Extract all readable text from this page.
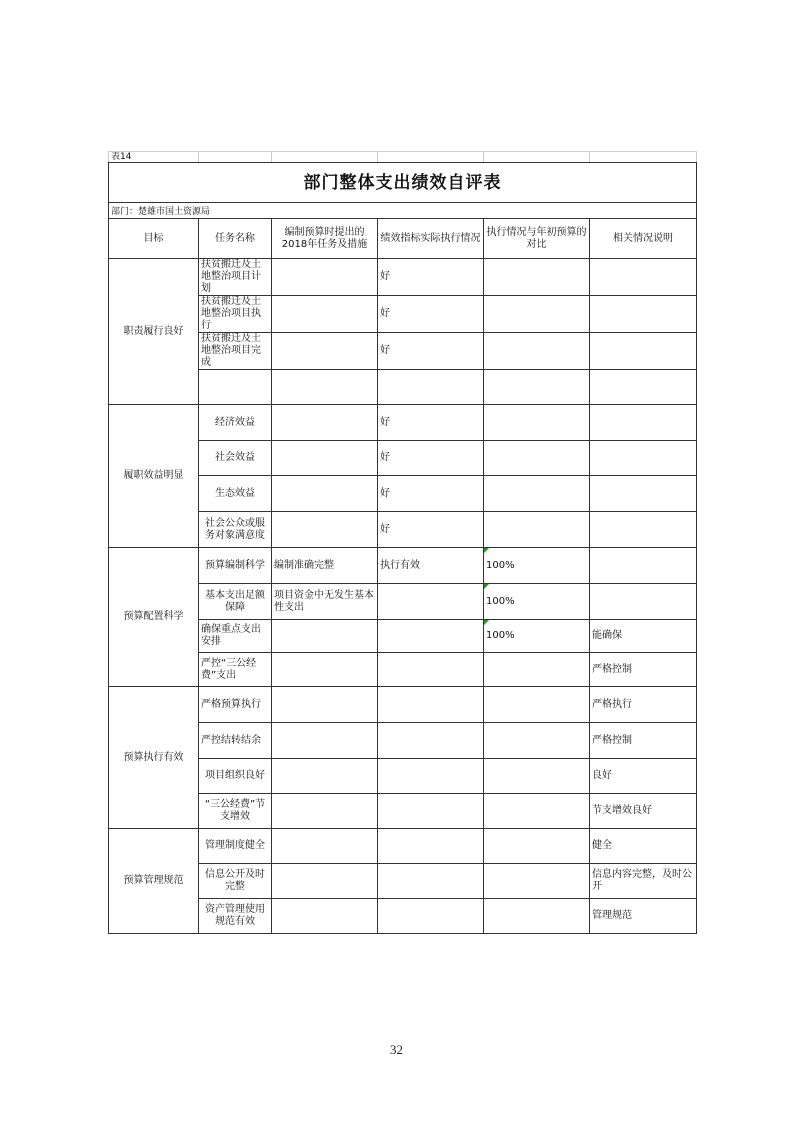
表14					
部门整体支出绩效自评表					
部门：楚雄市国土资源局					
目标	任务名称	编制预算时提出的2018年任务及措施	绩效指标实际执行情况	执行情况与年初预算的对比	相关情况说明
职责履行良好	扶贫搬迁及土地整治项目计划		好		
	扶贫搬迁及土地整治项目执行		好		
	扶贫搬迁及土地整治项目完成		好		

履职效益明显	经济效益		好		
	社会效益		好		
	生态效益		好		
	社会公众或服务对象满意度		好		
预算配置科学	预算编制科学	编制准确完整	执行有效	100%	
	基本支出足额保障	项目资金中无发生基本性支出		100%	
	确保重点支出安排			100%	能确保
	严控“三公经费”支出				严格控制
预算执行有效	严格预算执行				严格执行
	严控结转结余				严格控制
	项目组织良好				良好
	“三公经费”节支增效				节支增效良好
预算管理规范	管理制度健全				健全
	信息公开及时完整				信息内容完整，及时公开
	资产管理使用规范有效				管理规范
32
